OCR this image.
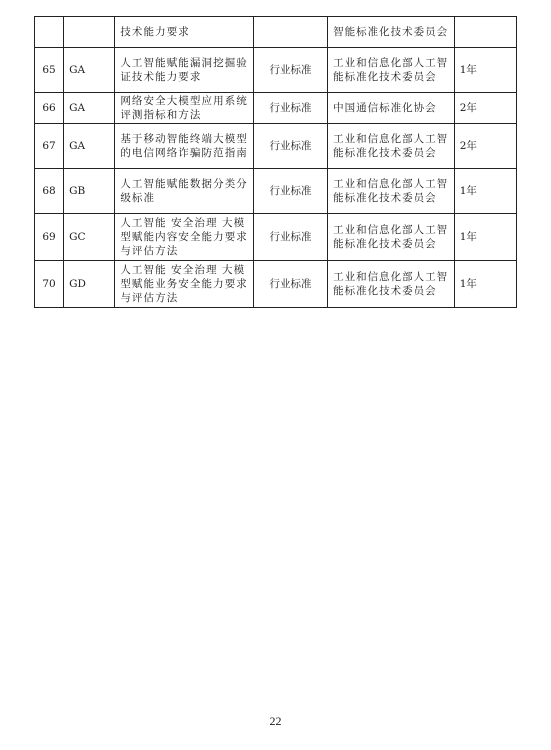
		技术能力要求		智能标准化技术委员会	
65	GA	人工智能赋能漏洞挖掘验证技术能力要求	行业标准	工业和信息化部人工智能标准化技术委员会	1年
66	GA	网络安全大模型应用系统评测指标和方法	行业标准	中国通信标准化协会	2年
67	GA	基于移动智能终端大模型的电信网络诈骗防范指南	行业标准	工业和信息化部人工智能标准化技术委员会	2年
68	GB	人工智能赋能数据分类分级标准	行业标准	工业和信息化部人工智能标准化技术委员会	1年
69	GC	人工智能 安全治理 大模型赋能内容安全能力要求与评估方法	行业标准	工业和信息化部人工智能标准化技术委员会	1年
70	GD	人工智能 安全治理 大模型赋能业务安全能力要求与评估方法	行业标准	工业和信息化部人工智能标准化技术委员会	1年
22
